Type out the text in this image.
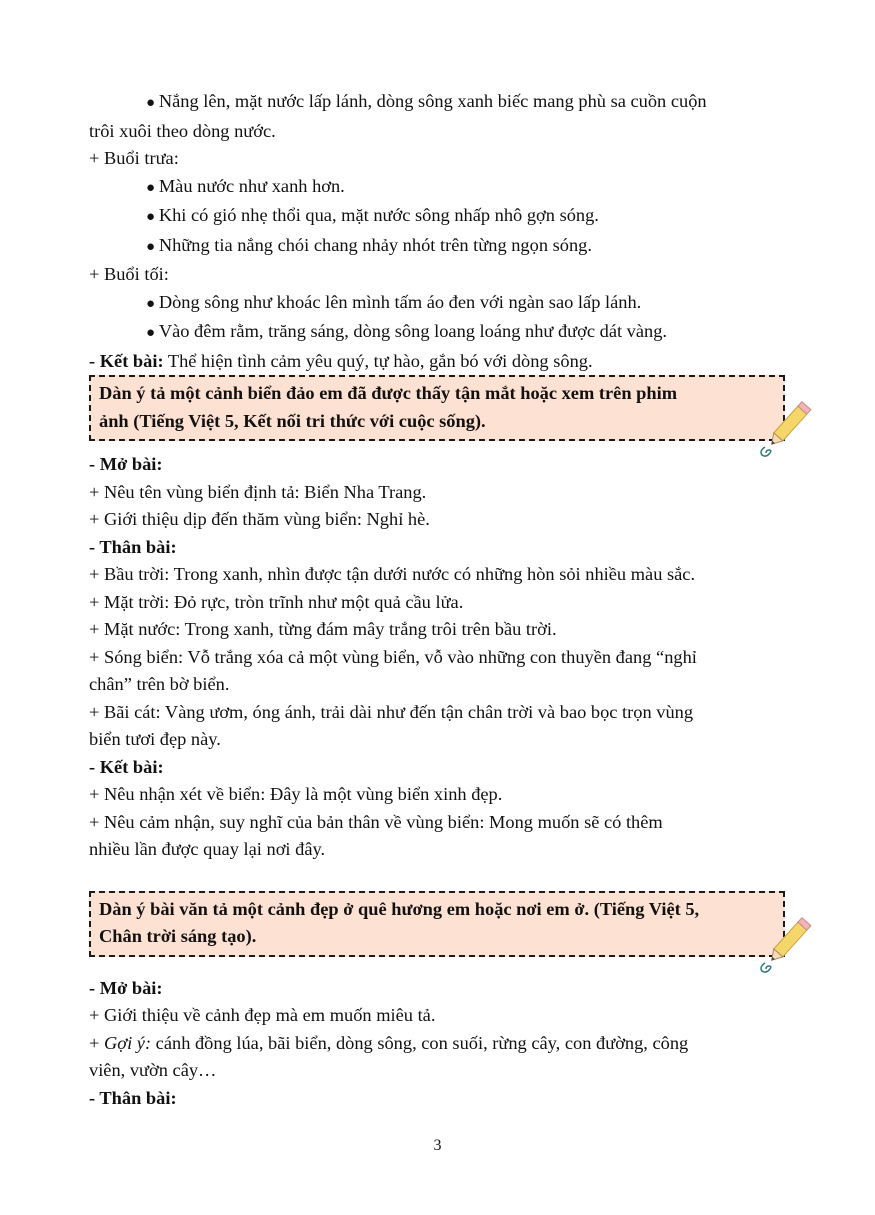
● Nắng lên, mặt nước lấp lánh, dòng sông xanh biếc mang phù sa cuồn cuộn
trôi xuôi theo dòng nước.
+ Buổi trưa:
● Màu nước như xanh hơn.
● Khi có gió nhẹ thổi qua, mặt nước sông nhấp nhô gợn sóng.
● Những tia nắng chói chang nhảy nhót trên từng ngọn sóng.
+ Buổi tối:
● Dòng sông như khoác lên mình tấm áo đen với ngàn sao lấp lánh.
● Vào đêm rằm, trăng sáng, dòng sông loang loáng như được dát vàng.
- Kết bài: Thể hiện tình cảm yêu quý, tự hào, gắn bó với dòng sông.
Dàn ý tả một cảnh biển đảo em đã được thấy tận mắt hoặc xem trên phim
ảnh (Tiếng Việt 5, Kết nối tri thức với cuộc sống).
- Mở bài:
+ Nêu tên vùng biển định tả: Biển Nha Trang.
+ Giới thiệu dịp đến thăm vùng biển: Nghỉ hè.
- Thân bài:
+ Bầu trời: Trong xanh, nhìn được tận dưới nước có những hòn sỏi nhiều màu sắc.
+ Mặt trời: Đỏ rực, tròn trĩnh như một quả cầu lửa.
+ Mặt nước: Trong xanh, từng đám mây trắng trôi trên bầu trời.
+ Sóng biển: Vỗ trắng xóa cả một vùng biển, vỗ vào những con thuyền đang “nghỉ
chân” trên bờ biển.
+ Bãi cát: Vàng ươm, óng ánh, trải dài như đến tận chân trời và bao bọc trọn vùng
biển tươi đẹp này.
- Kết bài:
+ Nêu nhận xét về biển: Đây là một vùng biển xinh đẹp.
+ Nêu cảm nhận, suy nghĩ của bản thân về vùng biển: Mong muốn sẽ có thêm
nhiều lần được quay lại nơi đây.
Dàn ý bài văn tả một cảnh đẹp ở quê hương em hoặc nơi em ở. (Tiếng Việt 5,
Chân trời sáng tạo).
- Mở bài:
+ Giới thiệu về cảnh đẹp mà em muốn miêu tả.
+ Gợi ý: cánh đồng lúa, bãi biển, dòng sông, con suối, rừng cây, con đường, công
viên, vườn cây…
- Thân bài:
3
